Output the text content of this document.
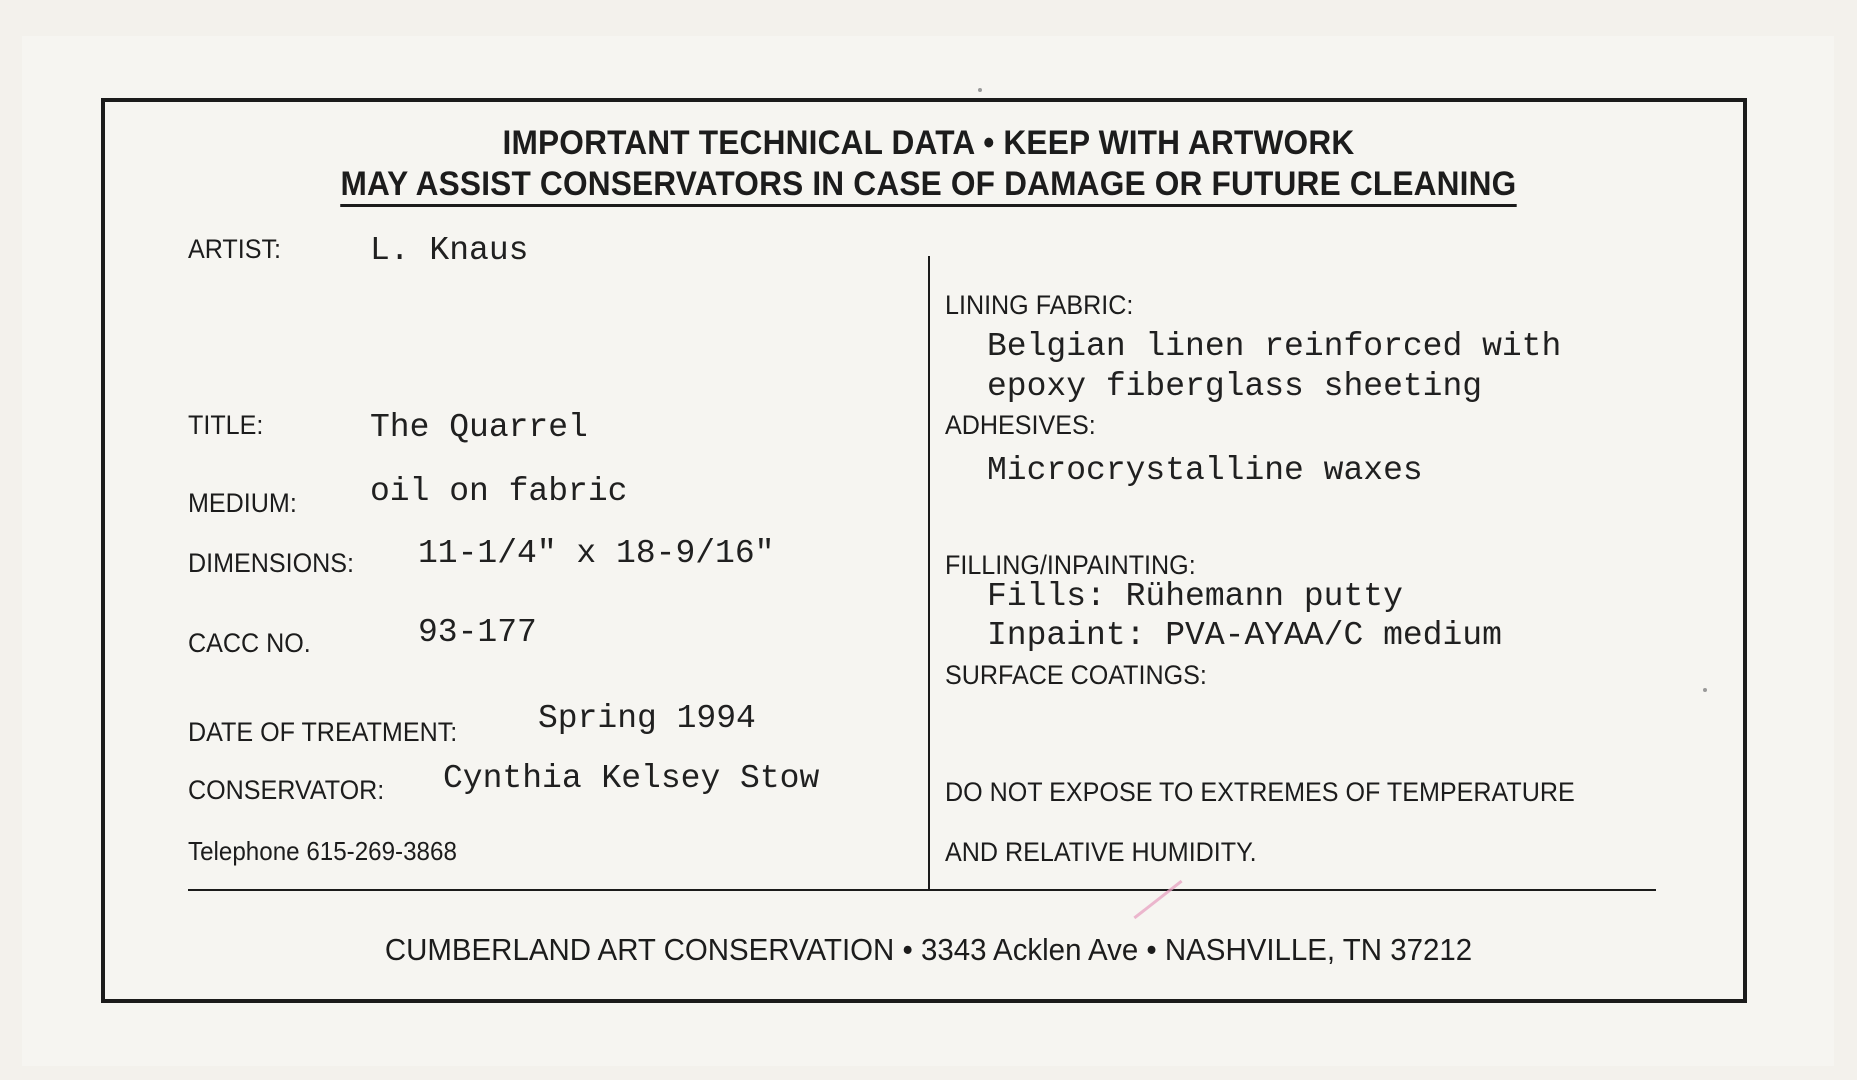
IMPORTANT TECHNICAL DATA • KEEP WITH ARTWORK
MAY ASSIST CONSERVATORS IN CASE OF DAMAGE OR FUTURE CLEANING
ARTIST:	L. Knaus
TITLE:	The Quarrel
MEDIUM: oil on fabric
DIMENSIONS: 11-1/4" x 18-9/16"
CACC NO.	93-177
DATE OF TREATMENT: Spring 1994
CONSERVATOR: Cynthia Kelsey Stow
Telephone 615-269-3868
LINING FABRIC:
Belgian linen reinforced with
epoxy fiberglass sheeting
ADHESIVES:
Microcrystalline waxes
FILLING/INPAINTING:
Fills: Rühemann putty
Inpaint: PVA-AYAA/C medium
SURFACE COATINGS:
DO NOT EXPOSE TO EXTREMES OF TEMPERATURE
AND RELATIVE HUMIDITY.
CUMBERLAND ART CONSERVATION • 3343 Acklen Ave • NASHVILLE, TN 37212
